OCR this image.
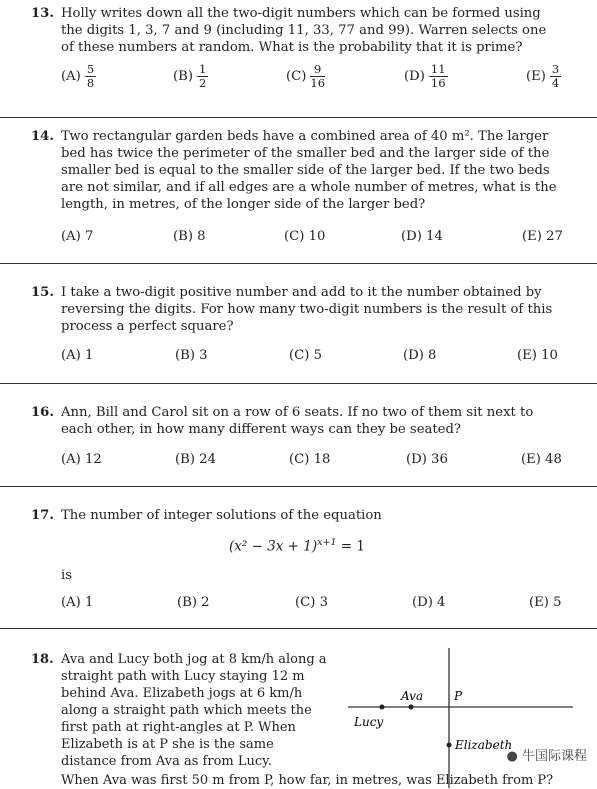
13. Holly writes down all the two-digit numbers which can be formed using the digits 1, 3, 7 and 9 (including 11, 33, 77 and 99). Warren selects one of these numbers at random. What is the probability that it is prime?
$(A) \frac{5}{8}$	$(B) \frac{1}{2}$	$(C) \frac{9}{16}$	$(D) \frac{11}{16}$	$(E) \frac{3}{4}$
14. Two rectangular garden beds have a combined area of 40 m². The larger bed has twice the perimeter of the smaller bed and the larger side of the smaller bed is equal to the smaller side of the larger bed. If the two beds are not similar, and if all edges are a whole number of metres, what is the length, in metres, of the longer side of the larger bed?
(A) 7	(B) 8	(C) 10	(D) 14	(E) 27
15. I take a two-digit positive number and add to it the number obtained by reversing the digits. For how many two-digit numbers is the result of this process a perfect square?
(A) 1	(B) 3	(C) 5	(D) 8	(E) 10
16. Ann, Bill and Carol sit on a row of 6 seats. If no two of them sit next to each other, in how many different ways can they be seated?
(A) 12	(B) 24	(C) 18	(D) 36	(E) 48
17. The number of integer solutions of the equation
$(x^2 - 3x + 1)^{x+1} = 1$
is
(A) 1	(B) 2	(C) 3	(D) 4	(E) 5
18. Ava and Lucy both jog at 8 km/h along a straight path with Lucy staying 12 m behind Ava. Elizabeth jogs at 6 km/h along a straight path which meets the first path at right-angles at P. When Elizabeth is at P she is the same distance from Ava as from Lucy.
When Ava was first 50 m from P, how far, in metres, was Elizabeth from P?
Ava	P
Lucy
Elizabeth
● 牛国际课程
